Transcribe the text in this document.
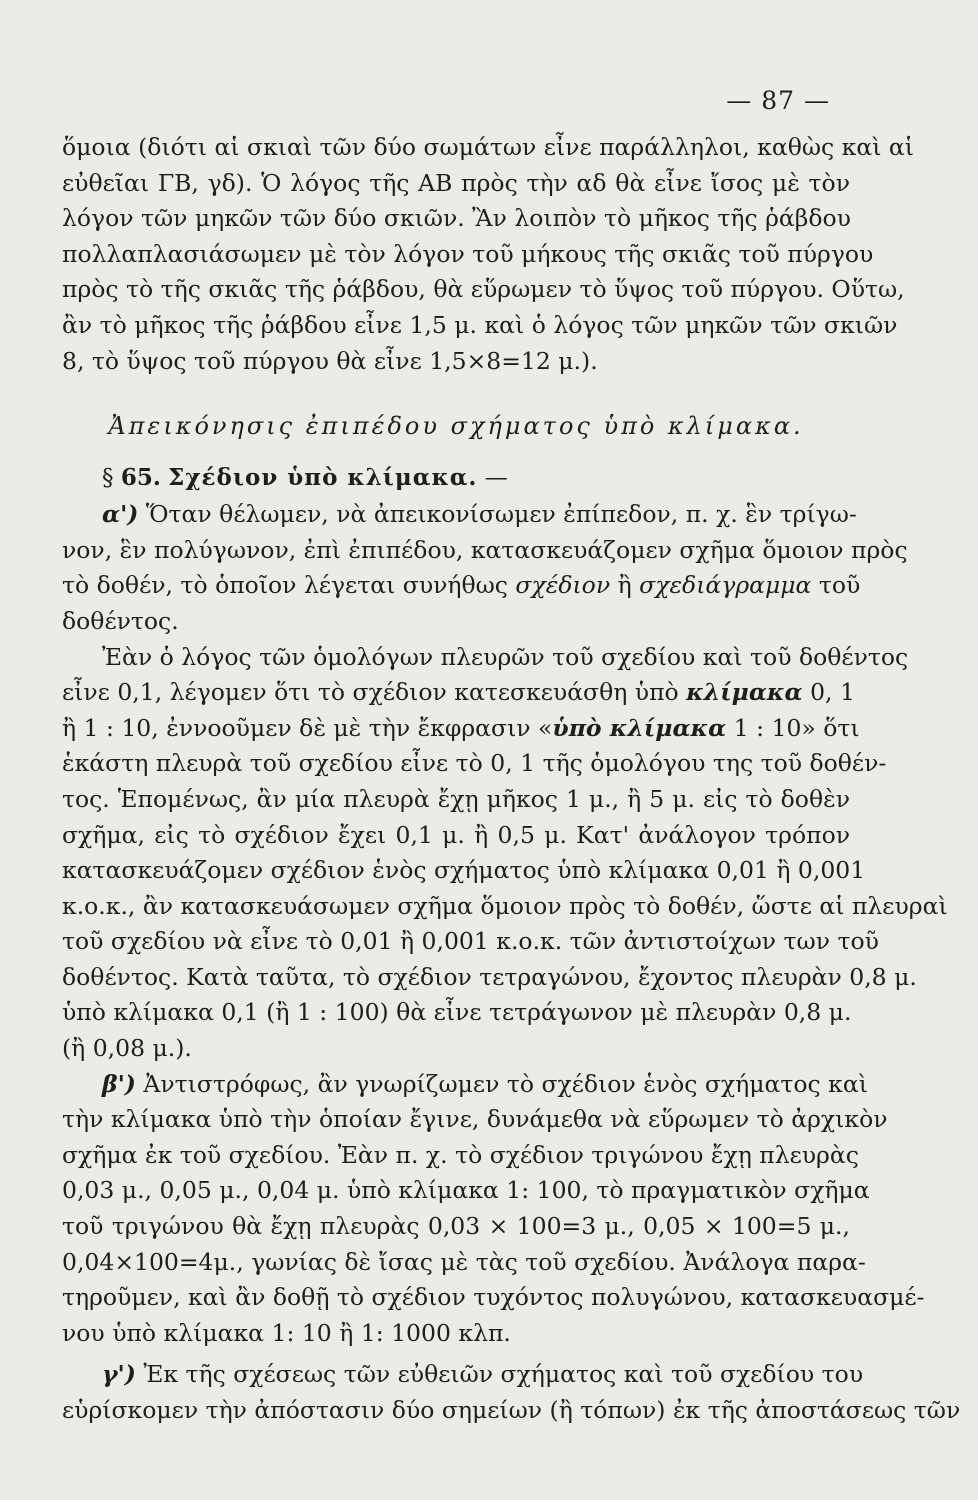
— 87 —
ὅμοια (διότι αἱ σκιαὶ τῶν δύο σωμάτων εἶνε παράλληλοι, καθὼς καὶ αἱ
εὐθεῖαι ΓΒ, γδ). Ὁ λόγος τῆς ΑΒ πρὸς τὴν αδ θὰ εἶνε ἴσος μὲ τὸν
λόγον τῶν μηκῶν τῶν δύο σκιῶν. Ἂν λοιπὸν τὸ μῆκος τῆς ῥάβδου
πολλαπλασιάσωμεν μὲ τὸν λόγον τοῦ μήκους τῆς σκιᾶς τοῦ πύργου
πρὸς τὸ τῆς σκιᾶς τῆς ῥάβδου, θὰ εὕρωμεν τὸ ὕψος τοῦ πύργου. Οὕτω,
ἂν τὸ μῆκος τῆς ῥάβδου εἶνε 1,5 μ. καὶ ὁ λόγος τῶν μηκῶν τῶν σκιῶν
8, τὸ ὕψος τοῦ πύργου θὰ εἶνε 1,5×8=12 μ.).
Ἀπεικόνησις ἐπιπέδου σχήματος ὑπὸ κλίμακα.
§ 65. Σχέδιον ὑπὸ κλίμακα. —
α') Ὅταν θέλωμεν, νὰ ἀπεικονίσωμεν ἐπίπεδον, π. χ. ἓν τρίγω-
νον, ἓν πολύγωνον, ἐπὶ ἐπιπέδου, κατασκευάζομεν σχῆμα ὅμοιον πρὸς
τὸ δοθέν, τὸ ὁποῖον λέγεται συνήθως σχέδιον ἢ σχεδιάγραμμα τοῦ
δοθέντος.
Ἐὰν ὁ λόγος τῶν ὁμολόγων πλευρῶν τοῦ σχεδίου καὶ τοῦ δοθέντος
εἶνε 0,1, λέγομεν ὅτι τὸ σχέδιον κατεσκευάσθη ὑπὸ κλίμακα 0, 1
ἢ 1 : 10, ἐννοοῦμεν δὲ μὲ τὴν ἔκφρασιν «ὑπὸ κλίμακα 1 : 10» ὅτι
ἑκάστη πλευρὰ τοῦ σχεδίου εἶνε τὸ 0, 1 τῆς ὁμολόγου της τοῦ δοθέν-
τος. Ἑπομένως, ἂν μία πλευρὰ ἔχῃ μῆκος 1 μ., ἢ 5 μ. εἰς τὸ δοθὲν
σχῆμα, εἰς τὸ σχέδιον ἔχει 0,1 μ. ἢ 0,5 μ. Κατ' ἀνάλογον τρόπον
κατασκευάζομεν σχέδιον ἑνὸς σχήματος ὑπὸ κλίμακα 0,01 ἢ 0,001
κ.ο.κ., ἂν κατασκευάσωμεν σχῆμα ὅμοιον πρὸς τὸ δοθέν, ὥστε αἱ πλευραὶ
τοῦ σχεδίου νὰ εἶνε τὸ 0,01 ἢ 0,001 κ.ο.κ. τῶν ἀντιστοίχων των τοῦ
δοθέντος. Κατὰ ταῦτα, τὸ σχέδιον τετραγώνου, ἔχοντος πλευρὰν 0,8 μ.
ὑπὸ κλίμακα 0,1 (ἢ 1 : 100) θὰ εἶνε τετράγωνον μὲ πλευρὰν 0,8 μ.
(ἢ 0,08 μ.).
β') Ἀντιστρόφως, ἂν γνωρίζωμεν τὸ σχέδιον ἑνὸς σχήματος καὶ
τὴν κλίμακα ὑπὸ τὴν ὁποίαν ἔγινε, δυνάμεθα νὰ εὕρωμεν τὸ ἀρχικὸν
σχῆμα ἐκ τοῦ σχεδίου. Ἐὰν π. χ. τὸ σχέδιον τριγώνου ἔχῃ πλευρὰς
0,03 μ., 0,05 μ., 0,04 μ. ὑπὸ κλίμακα 1: 100, τὸ πραγματικὸν σχῆμα
τοῦ τριγώνου θὰ ἔχῃ πλευρὰς 0,03 × 100=3 μ., 0,05 × 100=5 μ.,
0,04×100=4μ., γωνίας δὲ ἴσας μὲ τὰς τοῦ σχεδίου. Ἀνάλογα παρα-
τηροῦμεν, καὶ ἂν δοθῇ τὸ σχέδιον τυχόντος πολυγώνου, κατασκευασμέ-
νου ὑπὸ κλίμακα 1: 10 ἢ 1: 1000 κλπ.
γ') Ἐκ τῆς σχέσεως τῶν εὐθειῶν σχήματος καὶ τοῦ σχεδίου του
εὑρίσκομεν τὴν ἀπόστασιν δύο σημείων (ἢ τόπων) ἐκ τῆς ἀποστάσεως τῶν
